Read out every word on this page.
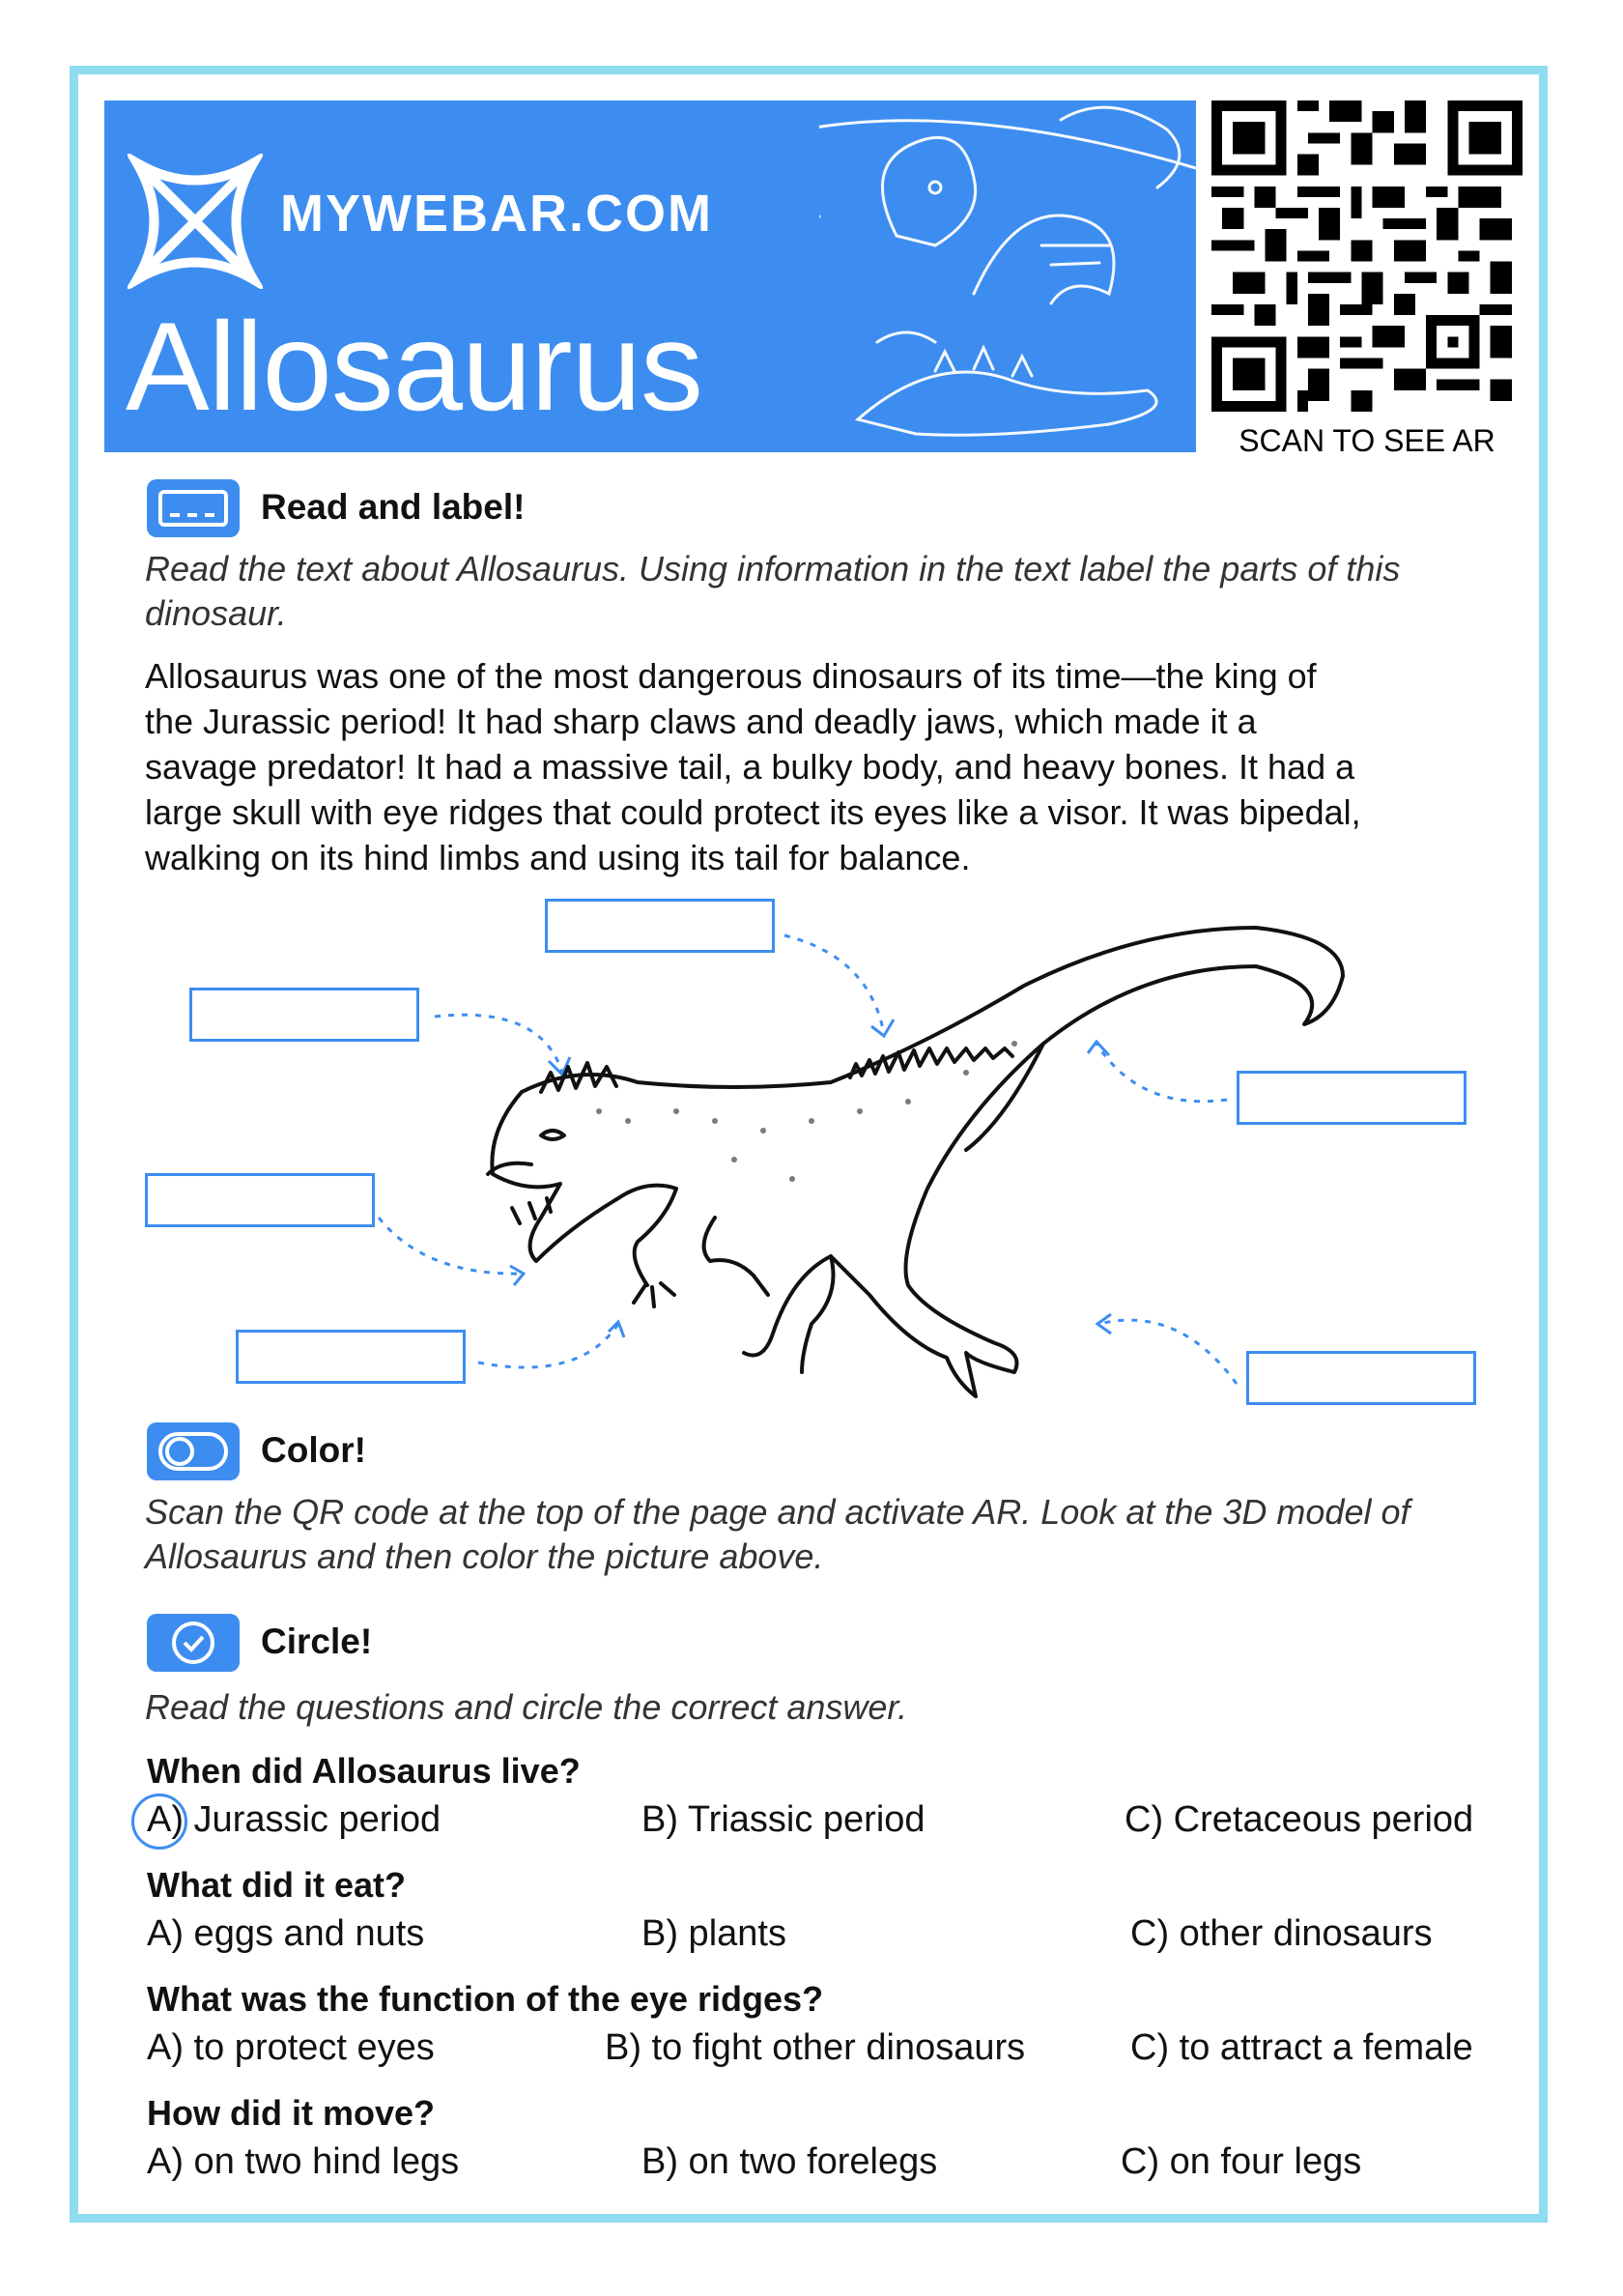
MYWEBAR.COM
Allosaurus
SCAN TO SEE AR
Read and label!
Read the text about Allosaurus. Using information in the text label the parts of this dinosaur.
Allosaurus was one of the most dangerous dinosaurs of its time—the king of
the Jurassic period! It had sharp claws and deadly jaws, which made it a
savage predator! It had a massive tail, a bulky body, and heavy bones. It had a
large skull with eye ridges that could protect its eyes like a visor. It was bipedal,
walking on its hind limbs and using its tail for balance.
Color!
Scan the QR code at the top of the page and activate AR. Look at the 3D model of
Allosaurus and then color the picture above.
Circle!
Read the questions and circle the correct answer.
When did Allosaurus live?
A) Jurassic period	B) Triassic period	C) Cretaceous period
What did it eat?
A) eggs and nuts	B) plants	C) other dinosaurs
What was the function of the eye ridges?
A) to protect eyes	B) to fight other dinosaurs	C) to attract a female
How did it move?
A) on two hind legs	B) on two forelegs	C) on four legs
